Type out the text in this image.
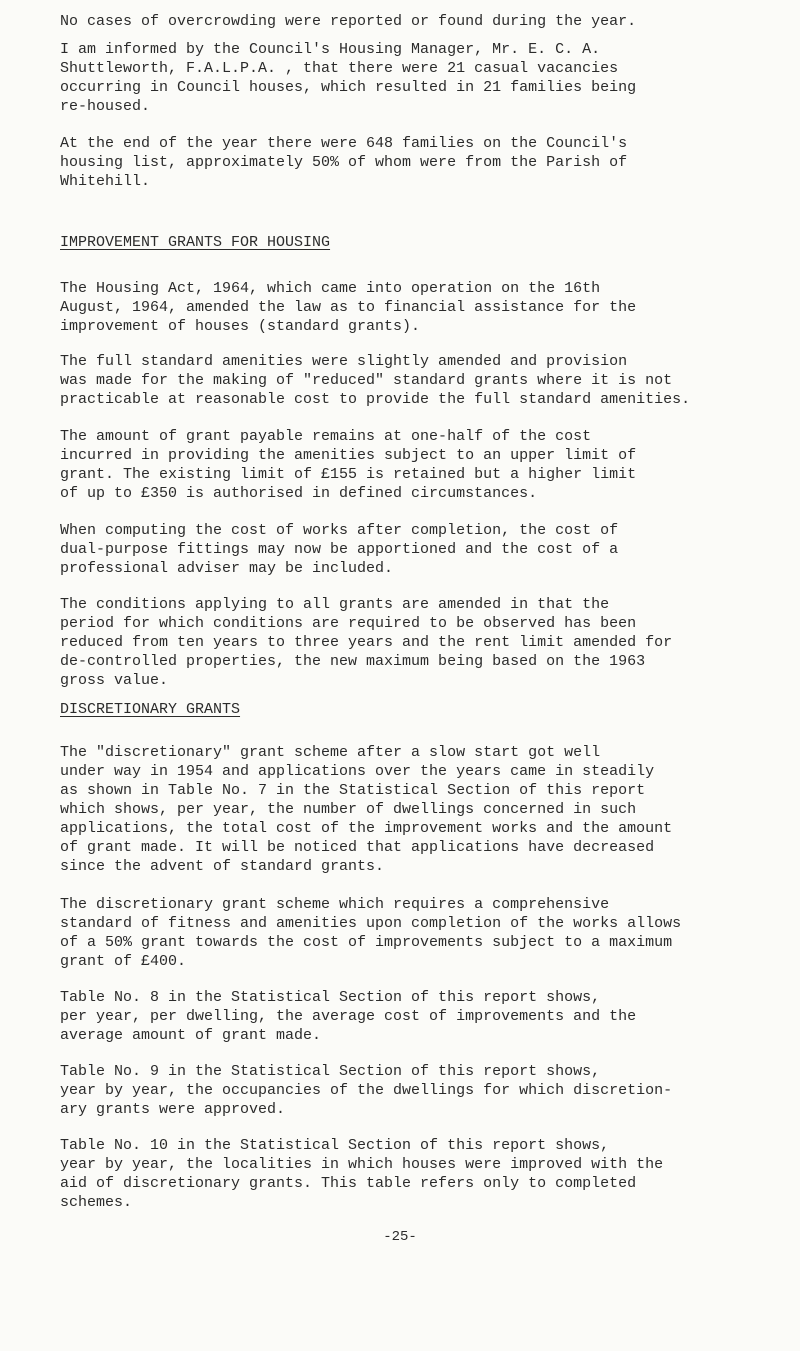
No cases of overcrowding were reported or found during the year.

I am informed by the Council's Housing Manager, Mr. E. C. A.
Shuttleworth, F.A.L.P.A. , that there were 21 casual vacancies
occurring in Council houses, which resulted in 21 families being
re-housed.

At the end of the year there were 648 families on the Council's
housing list, approximately 50% of whom were from the Parish of
Whitehill.

IMPROVEMENT GRANTS FOR HOUSING

The Housing Act, 1964, which came into operation on the 16th
August, 1964, amended the law as to financial assistance for the
improvement of houses (standard grants).

The full standard amenities were slightly amended and provision
was made for the making of "reduced" standard grants where it is not
practicable at reasonable cost to provide the full standard amenities.

The amount of grant payable remains at one-half of the cost
incurred in providing the amenities subject to an upper limit of
grant. The existing limit of £155 is retained but a higher limit
of up to £350 is authorised in defined circumstances.

When computing the cost of works after completion, the cost of
dual-purpose fittings may now be apportioned and the cost of a
professional adviser may be included.

The conditions applying to all grants are amended in that the
period for which conditions are required to be observed has been
reduced from ten years to three years and the rent limit amended for
de-controlled properties, the new maximum being based on the 1963
gross value.

DISCRETIONARY GRANTS

The "discretionary" grant scheme after a slow start got well
under way in 1954 and applications over the years came in steadily
as shown in Table No. 7 in the Statistical Section of this report
which shows, per year, the number of dwellings concerned in such
applications, the total cost of the improvement works and the amount
of grant made. It will be noticed that applications have decreased
since the advent of standard grants.

The discretionary grant scheme which requires a comprehensive
standard of fitness and amenities upon completion of the works allows
of a 50% grant towards the cost of improvements subject to a maximum
grant of £400.

Table No. 8 in the Statistical Section of this report shows,
per year, per dwelling, the average cost of improvements and the
average amount of grant made.

Table No. 9 in the Statistical Section of this report shows,
year by year, the occupancies of the dwellings for which discretion-
ary grants were approved.

Table No. 10 in the Statistical Section of this report shows,
year by year, the localities in which houses were improved with the
aid of discretionary grants. This table refers only to completed
schemes.

-25-
